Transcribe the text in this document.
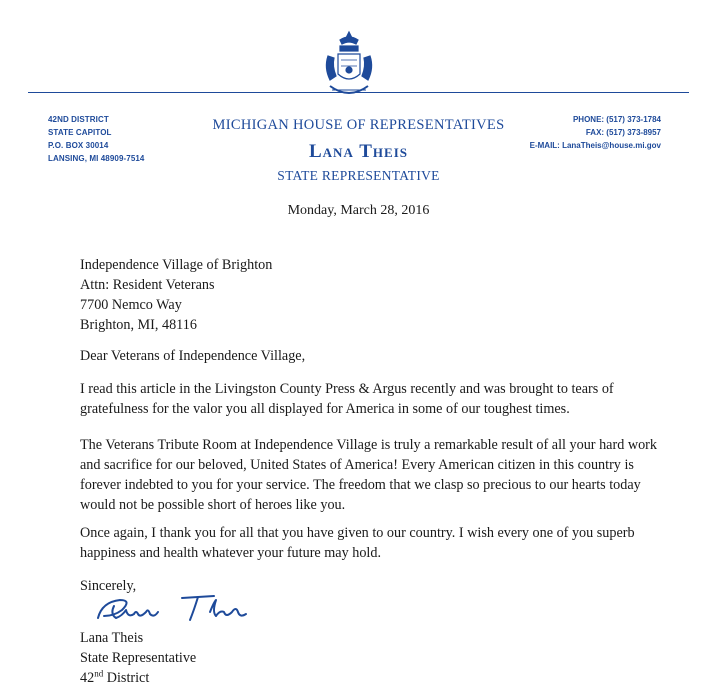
42ND DISTRICT
STATE CAPITOL
P.O. BOX 30014
LANSING, MI 48909-7514
MICHIGAN HOUSE OF REPRESENTATIVES
Lana Theis
STATE REPRESENTATIVE
PHONE: (517) 373-1784
FAX: (517) 373-8957
E-MAIL: LanaTheis@house.mi.gov
Monday, March 28, 2016
Independence Village of Brighton
Attn: Resident Veterans
7700 Nemco Way
Brighton, MI, 48116
Dear Veterans of Independence Village,
I read this article in the Livingston County Press & Argus recently and was brought to tears of gratefulness for the valor you all displayed for America in some of our toughest times.
The Veterans Tribute Room at Independence Village is truly a remarkable result of all your hard work and sacrifice for our beloved, United States of America! Every American citizen in this country is forever indebted to you for your service. The freedom that we clasp so precious to our hearts today would not be possible short of heroes like you.
Once again, I thank you for all that you have given to our country. I wish every one of you superb happiness and health whatever your future may hold.
Sincerely,
Lana Theis
State Representative
42nd District
